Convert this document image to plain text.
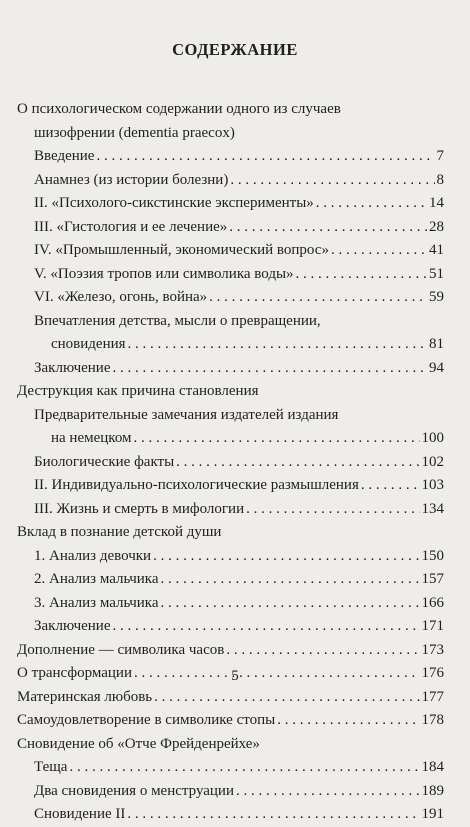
СОДЕРЖАНИЕ
О психологическом содержании одного из случаев
шизофрении (dementia praecox)
Введение . . .	7
Анамнез (из истории болезни) . . .	8
II. «Психолого-сикстинские эксперименты» . . .	14
III. «Гистология и ее лечение» . . .	28
IV. «Промышленный, экономический вопрос» . . .	41
V. «Поэзия тропов или символика воды» . . .	51
VI. «Железо, огонь, война» . . .	59
Впечатления детства, мысли о превращении,
сновидения . . .	81
Заключение . . .	94
Деструкция как причина становления
Предварительные замечания издателей издания
на немецком . . .	100
Биологические факты . . .	102
II. Индивидуально-психологические размышления . . .	103
III. Жизнь и смерть в мифологии . . .	134
Вклад в познание детской души
1. Анализ девочки . . .	150
2. Анализ мальчика . . .	157
3. Анализ мальчика . . .	166
Заключение . . .	171
Дополнение — символика часов . . .	173
О трансформации . . .	176
Материнская любовь . . .	177
Самоудовлетворение в символике стопы . . .	178
Сновидение об «Отче Фрейденрейхе»
Теща . . .	184
Два сновидения о менструации . . .	189
Сновидение II . . .	191
5
